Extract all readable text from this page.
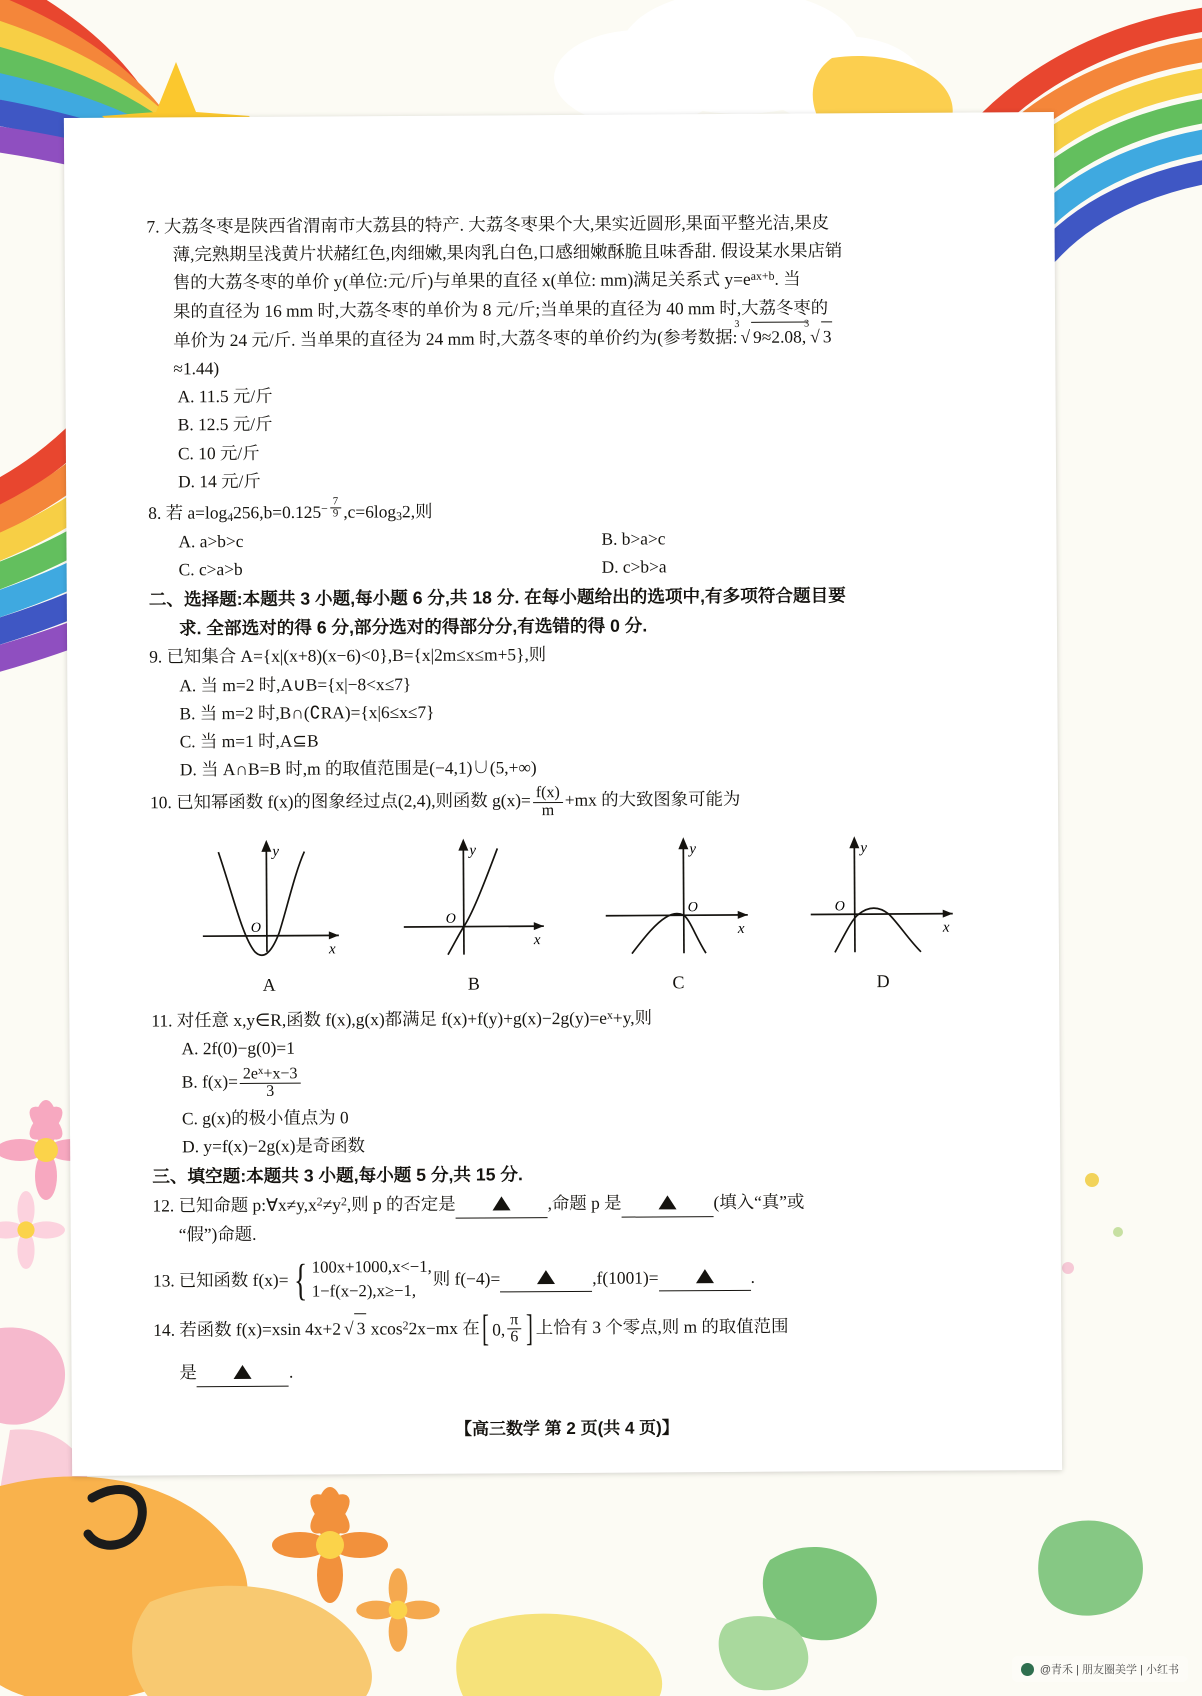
7. 大荔冬枣是陕西省渭南市大荔县的特产. 大荔冬枣果个大,果实近圆形,果面平整光洁,果皮
薄,完熟期呈浅黄片状赭红色,肉细嫩,果肉乳白色,口感细嫩酥脆且味香甜. 假设某水果店销
售的大荔冬枣的单价 y(单位:元/斤)与单果的直径 x(单位: mm)满足关系式 $y=e^{ax+b}$. 当
果的直径为 16 mm 时,大荔冬枣的单价为 8 元/斤;当单果的直径为 40 mm 时,大荔冬枣的
单价为 24 元/斤. 当单果的直径为 24 mm 时,大荔冬枣的单价约为(参考数据:
3
√ 9≈2.08,
3
√ 3
≈1.44)
A. 11.5 元/斤
B. 12.5 元/斤
C. 10 元/斤
D. 14 元/斤
8. 若 $a=\log_4256,b=0.125^{- \frac{7}{9}}$ $,c=6\log_32$,则
A. a>b>c	B. b>a>c
C. c>a>b	D. c>b>a
二、选择题:本题共 3 小题,每小题 6 分,共 18 分. 在每小题给出的选项中,有多项符合题目要
求. 全部选对的得 6 分,部分选对的得部分分,有选错的得 0 分.
9. 已知集合 A={x|(x+8)(x−6)<0},B={x|2m≤x≤m+5},则
A. 当 m=2 时,A∪B={x|−8<x≤7}
B. 当 m=2 时,B∩(∁RA)={x|6≤x≤7}
C. 当 m=1 时,A⊆B
D. 当 A∩B=B 时,m 的取值范围是(−4,1)∪(5,+∞)
10. 已知幂函数 f(x)的图象经过点(2,4),则函数 $g(x)= \frac{f(x)}{m} +mx$ 的大致图象可能为
y
x
O
A
y
x
O
B
y
x
O
C
y
x
O
D
11. 对任意 x,y∈R,函数 f(x),g(x)都满足 $f(x)+f(y)+g(x)-2g(y)=e^x+y$,则
A. 2f(0)−g(0)=1
B. $f(x)= \frac{2e^x+x-3}{3}$
C. g(x)的极小值点为 0
D. y=f(x)−2g(x)是奇函数
三、填空题:本题共 3 小题,每小题 5 分,共 15 分.
12. 已知命题 $p:\forall x\ne y,x^2\ne y^2$,则 p 的否定是	,命题 p 是	(填入“真”或
“假”)命题.
13. 已知函数 f(x)= { 100x+1000,x<−1,
1−f(x−2),x≥−1,
则 f(−4)=	,f(1001)=	.
14. 若函数 f(x)=xsin 4x+2 √ 3 xcos$^2$2x−mx 在 [ 0, $\frac{\pi}{6}$ ] 上恰有 3 个零点,则 m 的取值范围
是	.
【高三数学 第 2 页(共 4 页)】
@青禾 | 朋友圈美学 | 小红书
